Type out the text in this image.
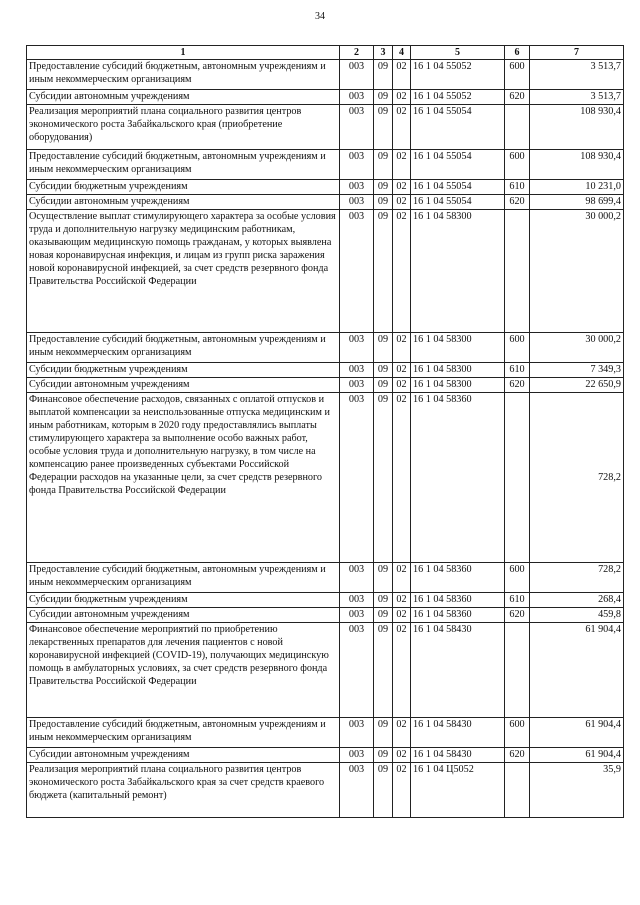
34
1	2	3	4	5	6	7
Предоставление субсидий бюджетным, автономным учреждениям и иным некоммерческим организациям	003	09	02	16 1 04 55052	600	3 513,7
Субсидии автономным учреждениям	003	09	02	16 1 04 55052	620	3 513,7
Реализация мероприятий плана социального развития центров экономического роста Забайкальского края (приобретение оборудования)	003	09	02	16 1 04 55054		108 930,4
Предоставление субсидий бюджетным, автономным учреждениям и иным некоммерческим организациям	003	09	02	16 1 04 55054	600	108 930,4
Субсидии бюджетным учреждениям	003	09	02	16 1 04 55054	610	10 231,0
Субсидии автономным учреждениям	003	09	02	16 1 04 55054	620	98 699,4
Осуществление выплат стимулирующего характера за особые условия труда и дополнительную нагрузку медицинским работникам, оказывающим медицинскую помощь гражданам, у которых выявлена новая коронавирусная инфекция, и лицам из групп риска заражения новой коронавирусной инфекцией, за счет средств резервного фонда Правительства Российской Федерации	003	09	02	16 1 04 58300		30 000,2
Предоставление субсидий бюджетным, автономным учреждениям и иным некоммерческим организациям	003	09	02	16 1 04 58300	600	30 000,2
Субсидии бюджетным учреждениям	003	09	02	16 1 04 58300	610	7 349,3
Субсидии автономным учреждениям	003	09	02	16 1 04 58300	620	22 650,9
Финансовое обеспечение расходов, связанных с оплатой отпусков и выплатой компенсации за неиспользованные отпуска медицинским и иным работникам, которым в 2020 году предоставлялись выплаты стимулирующего характера за выполнение особо важных работ, особые условия труда и дополнительную нагрузку, в том числе на компенсацию ранее произведенных субъектами Российской Федерации расходов на указанные цели, за счет средств резервного фонда Правительства Российской Федерации	003	09	02	16 1 04 58360		728,2
Предоставление субсидий бюджетным, автономным учреждениям и иным некоммерческим организациям	003	09	02	16 1 04 58360	600	728,2
Субсидии бюджетным учреждениям	003	09	02	16 1 04 58360	610	268,4
Субсидии автономным учреждениям	003	09	02	16 1 04 58360	620	459,8
Финансовое обеспечение мероприятий по приобретению лекарственных препаратов для лечения пациентов с новой коронавирусной инфекцией (COVID-19), получающих медицинскую помощь в амбулаторных условиях, за счет средств резервного фонда Правительства Российской Федерации	003	09	02	16 1 04 58430		61 904,4
Предоставление субсидий бюджетным, автономным учреждениям и иным некоммерческим организациям	003	09	02	16 1 04 58430	600	61 904,4
Субсидии автономным учреждениям	003	09	02	16 1 04 58430	620	61 904,4
Реализация мероприятий плана социального развития центров экономического роста Забайкальского края за счет средств краевого бюджета (капитальный ремонт)	003	09	02	16 1 04 Ц5052		35,9
